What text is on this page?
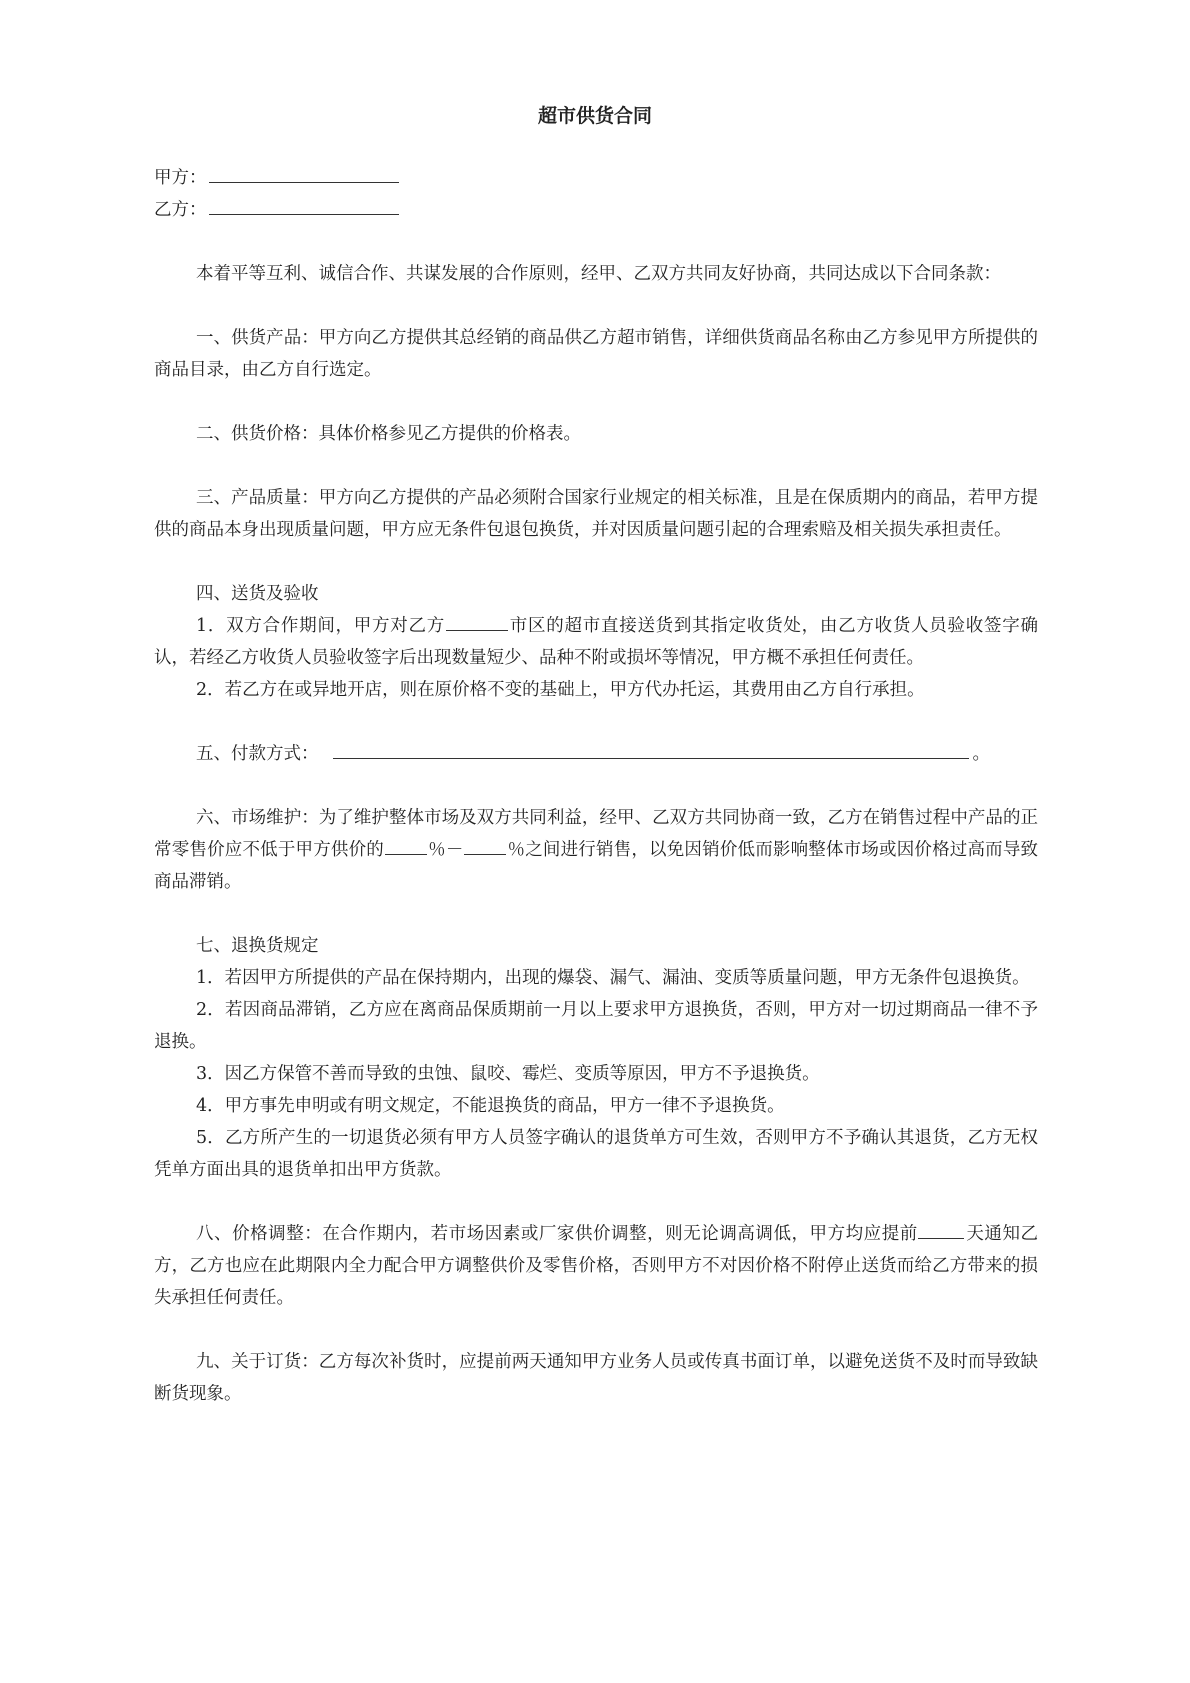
超市供货合同

甲方：

乙方：

本着平等互利、诚信合作、共谋发展的合作原则，经甲、乙双方共同友好协商，共同达成以下合同条款：

一、供货产品：甲方向乙方提供其总经销的商品供乙方超市销售，详细供货商品名称由乙方参见甲方所提供的商品目录，由乙方自行选定。

二、供货价格：具体价格参见乙方提供的价格表。

三、产品质量：甲方向乙方提供的产品必须附合国家行业规定的相关标准，且是在保质期内的商品，若甲方提供的商品本身出现质量问题，甲方应无条件包退包换货，并对因质量问题引起的合理索赔及相关损失承担责任。

四、送货及验收

1．双方合作期间，甲方对乙方	市区的超市直接送货到其指定收货处，由乙方收货人员验收签字确认，若经乙方收货人员验收签字后出现数量短少、品种不附或损坏等情况，甲方概不承担任何责任。

2．若乙方在或异地开店，则在原价格不变的基础上，甲方代办托运，其费用由乙方自行承担。

五、付款方式：	。

六、市场维护：为了维护整体市场及双方共同利益，经甲、乙双方共同协商一致，乙方在销售过程中产品的正常零售价应不低于甲方供价的	％－	％之间进行销售，以免因销价低而影响整体市场或因价格过高而导致商品滞销。

七、退换货规定

1．若因甲方所提供的产品在保持期内，出现的爆袋、漏气、漏油、变质等质量问题，甲方无条件包退换货。

2．若因商品滞销，乙方应在离商品保质期前一月以上要求甲方退换货，否则，甲方对一切过期商品一律不予退换。

3．因乙方保管不善而导致的虫蚀、鼠咬、霉烂、变质等原因，甲方不予退换货。

4．甲方事先申明或有明文规定，不能退换货的商品，甲方一律不予退换货。

5．乙方所产生的一切退货必须有甲方人员签字确认的退货单方可生效，否则甲方不予确认其退货，乙方无权凭单方面出具的退货单扣出甲方货款。

八、价格调整：在合作期内，若市场因素或厂家供价调整，则无论调高调低，甲方均应提前	天通知乙方，乙方也应在此期限内全力配合甲方调整供价及零售价格，否则甲方不对因价格不附停止送货而给乙方带来的损失承担任何责任。

九、关于订货：乙方每次补货时，应提前两天通知甲方业务人员或传真书面订单，以避免送货不及时而导致缺断货现象。
